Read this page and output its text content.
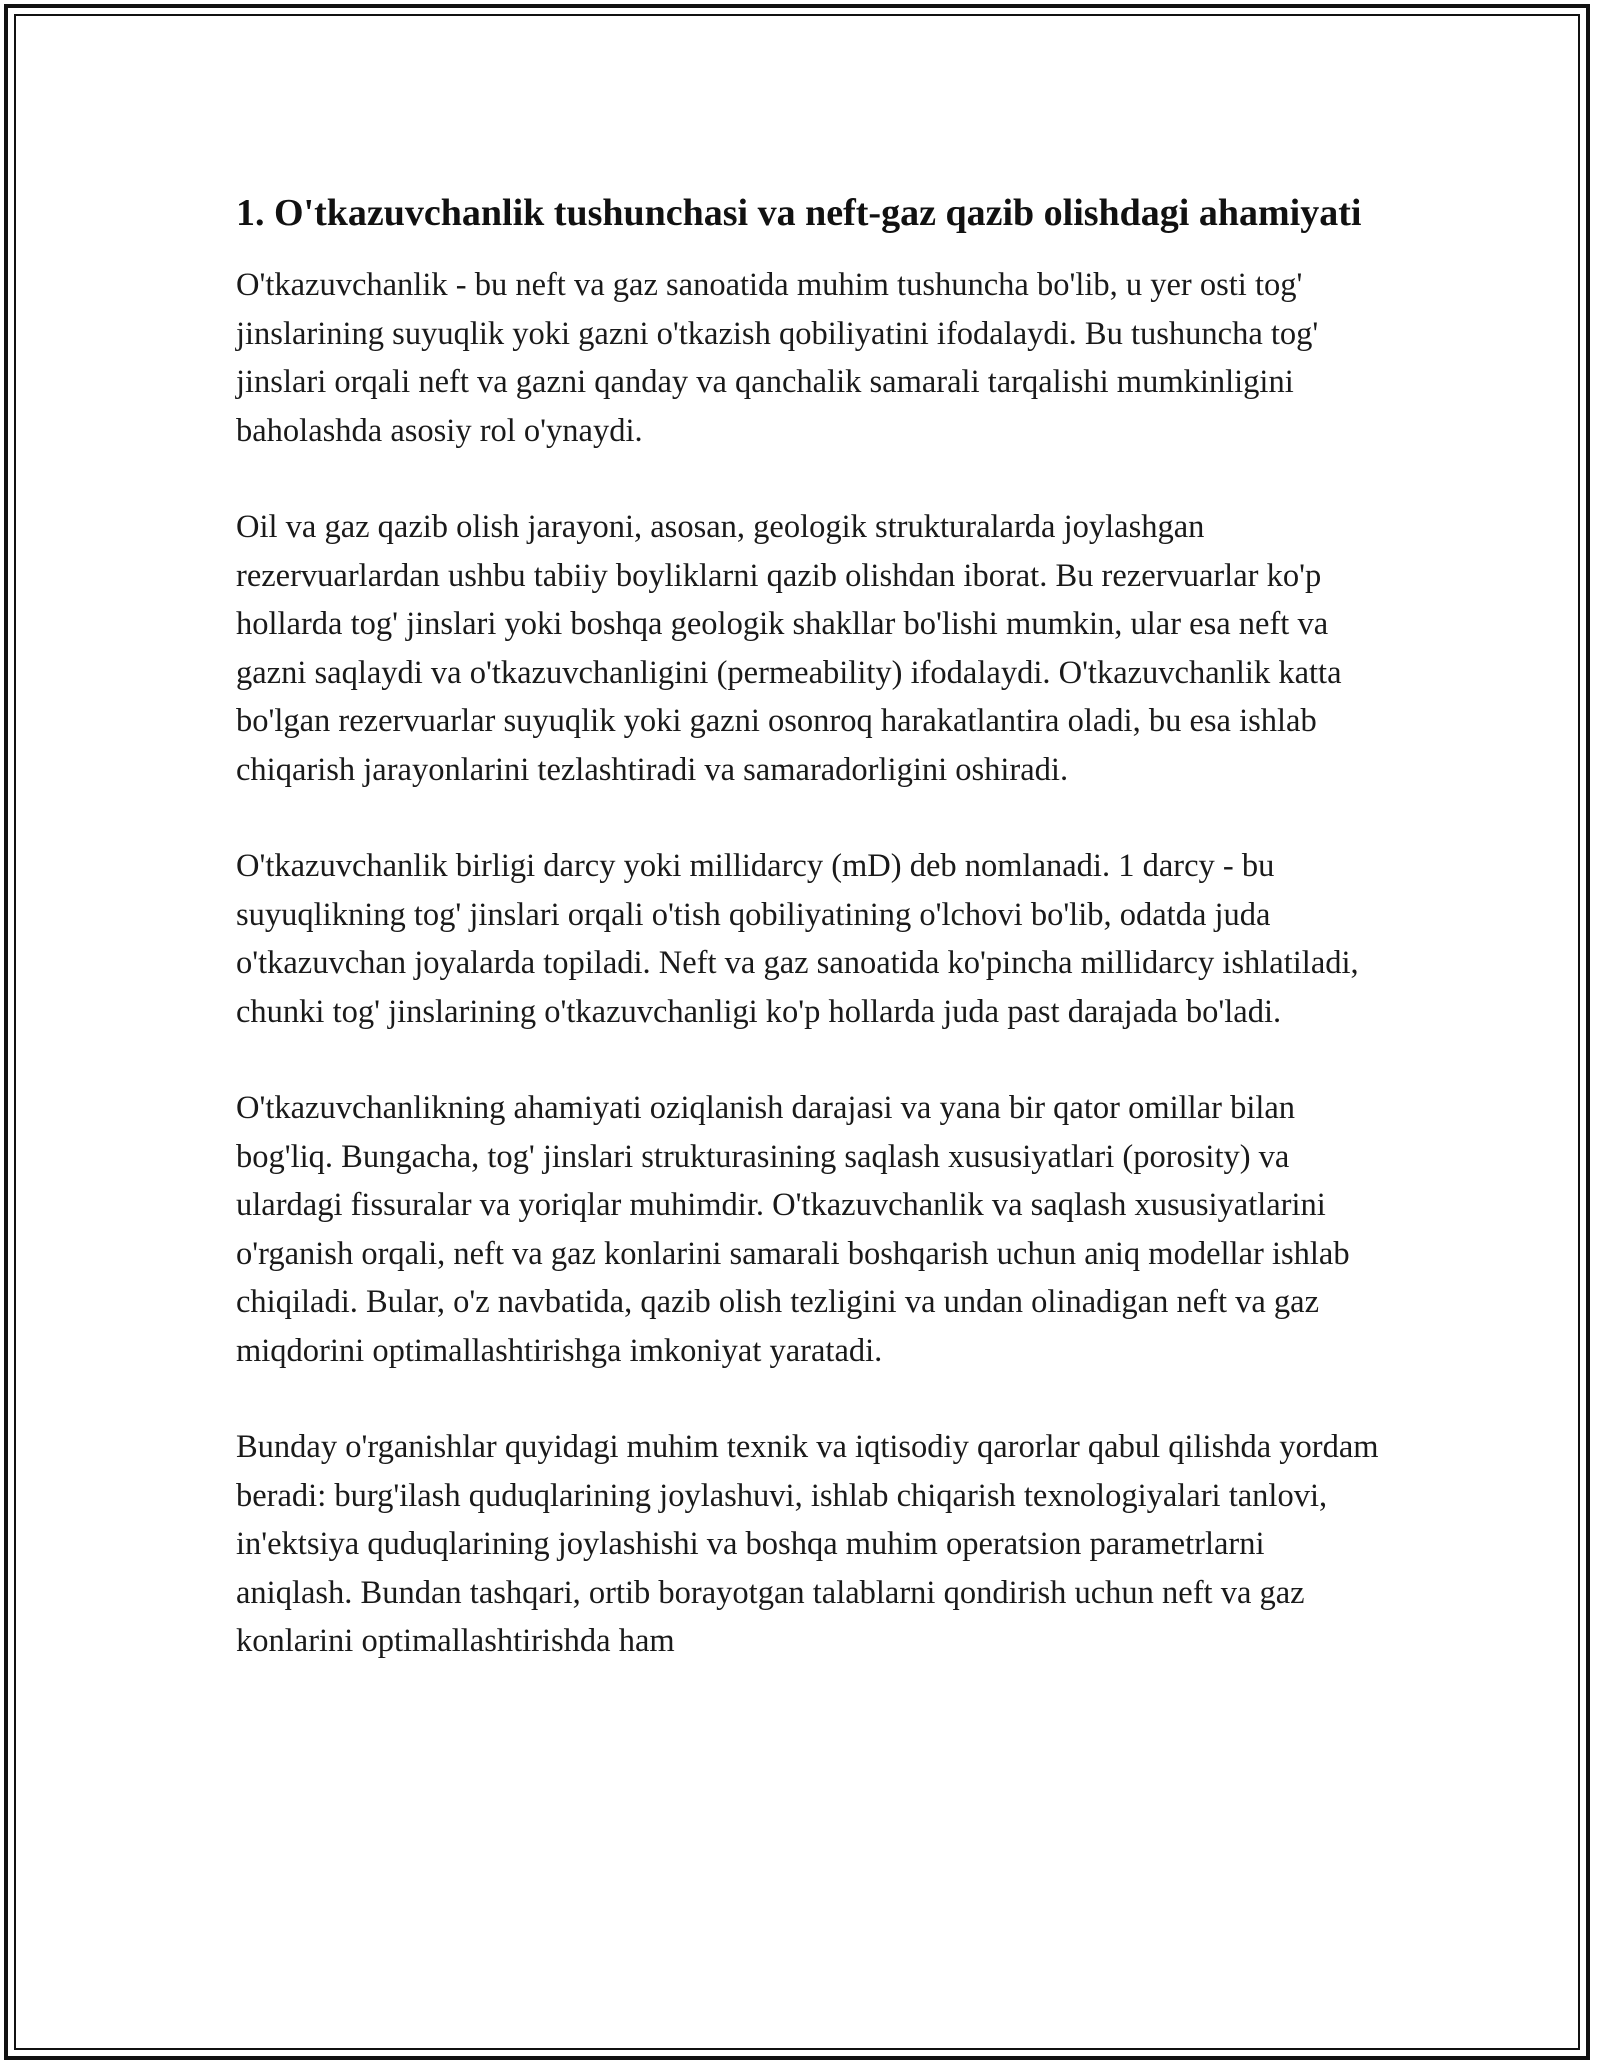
1. O'tkazuvchanlik tushunchasi va neft-gaz qazib olishdagi ahamiyati

O'tkazuvchanlik - bu neft va gaz sanoatida muhim tushuncha bo'lib, u yer osti tog' jinslarining suyuqlik yoki gazni o'tkazish qobiliyatini ifodalaydi. Bu tushuncha tog' jinslari orqali neft va gazni qanday va qanchalik samarali tarqalishi mumkinligini baholashda asosiy rol o'ynaydi.

Oil va gaz qazib olish jarayoni, asosan, geologik strukturalarda joylashgan rezervuarlardan ushbu tabiiy boyliklarni qazib olishdan iborat. Bu rezervuarlar ko'p hollarda tog' jinslari yoki boshqa geologik shakllar bo'lishi mumkin, ular esa neft va gazni saqlaydi va o'tkazuvchanligini (permeability) ifodalaydi. O'tkazuvchanlik katta bo'lgan rezervuarlar suyuqlik yoki gazni osonroq harakatlantira oladi, bu esa ishlab chiqarish jarayonlarini tezlashtiradi va samaradorligini oshiradi.

O'tkazuvchanlik birligi darcy yoki millidarcy (mD) deb nomlanadi. 1 darcy - bu suyuqlikning tog' jinslari orqali o'tish qobiliyatining o'lchovi bo'lib, odatda juda o'tkazuvchan joyalarda topiladi. Neft va gaz sanoatida ko'pincha millidarcy ishlatiladi, chunki tog' jinslarining o'tkazuvchanligi ko'p hollarda juda past darajada bo'ladi.

O'tkazuvchanlikning ahamiyati oziqlanish darajasi va yana bir qator omillar bilan bog'liq. Bungacha, tog' jinslari strukturasining saqlash xususiyatlari (porosity) va ulardagi fissuralar va yoriqlar muhimdir. O'tkazuvchanlik va saqlash xususiyatlarini o'rganish orqali, neft va gaz konlarini samarali boshqarish uchun aniq modellar ishlab chiqiladi. Bular, o'z navbatida, qazib olish tezligini va undan olinadigan neft va gaz miqdorini optimallashtirishga imkoniyat yaratadi.

Bunday o'rganishlar quyidagi muhim texnik va iqtisodiy qarorlar qabul qilishda yordam beradi: burg'ilash quduqlarining joylashuvi, ishlab chiqarish texnologiyalari tanlovi, in'ektsiya quduqlarining joylashishi va boshqa muhim operatsion parametrlarni aniqlash. Bundan tashqari, ortib borayotgan talablarni qondirish uchun neft va gaz konlarini optimallashtirishda ham
